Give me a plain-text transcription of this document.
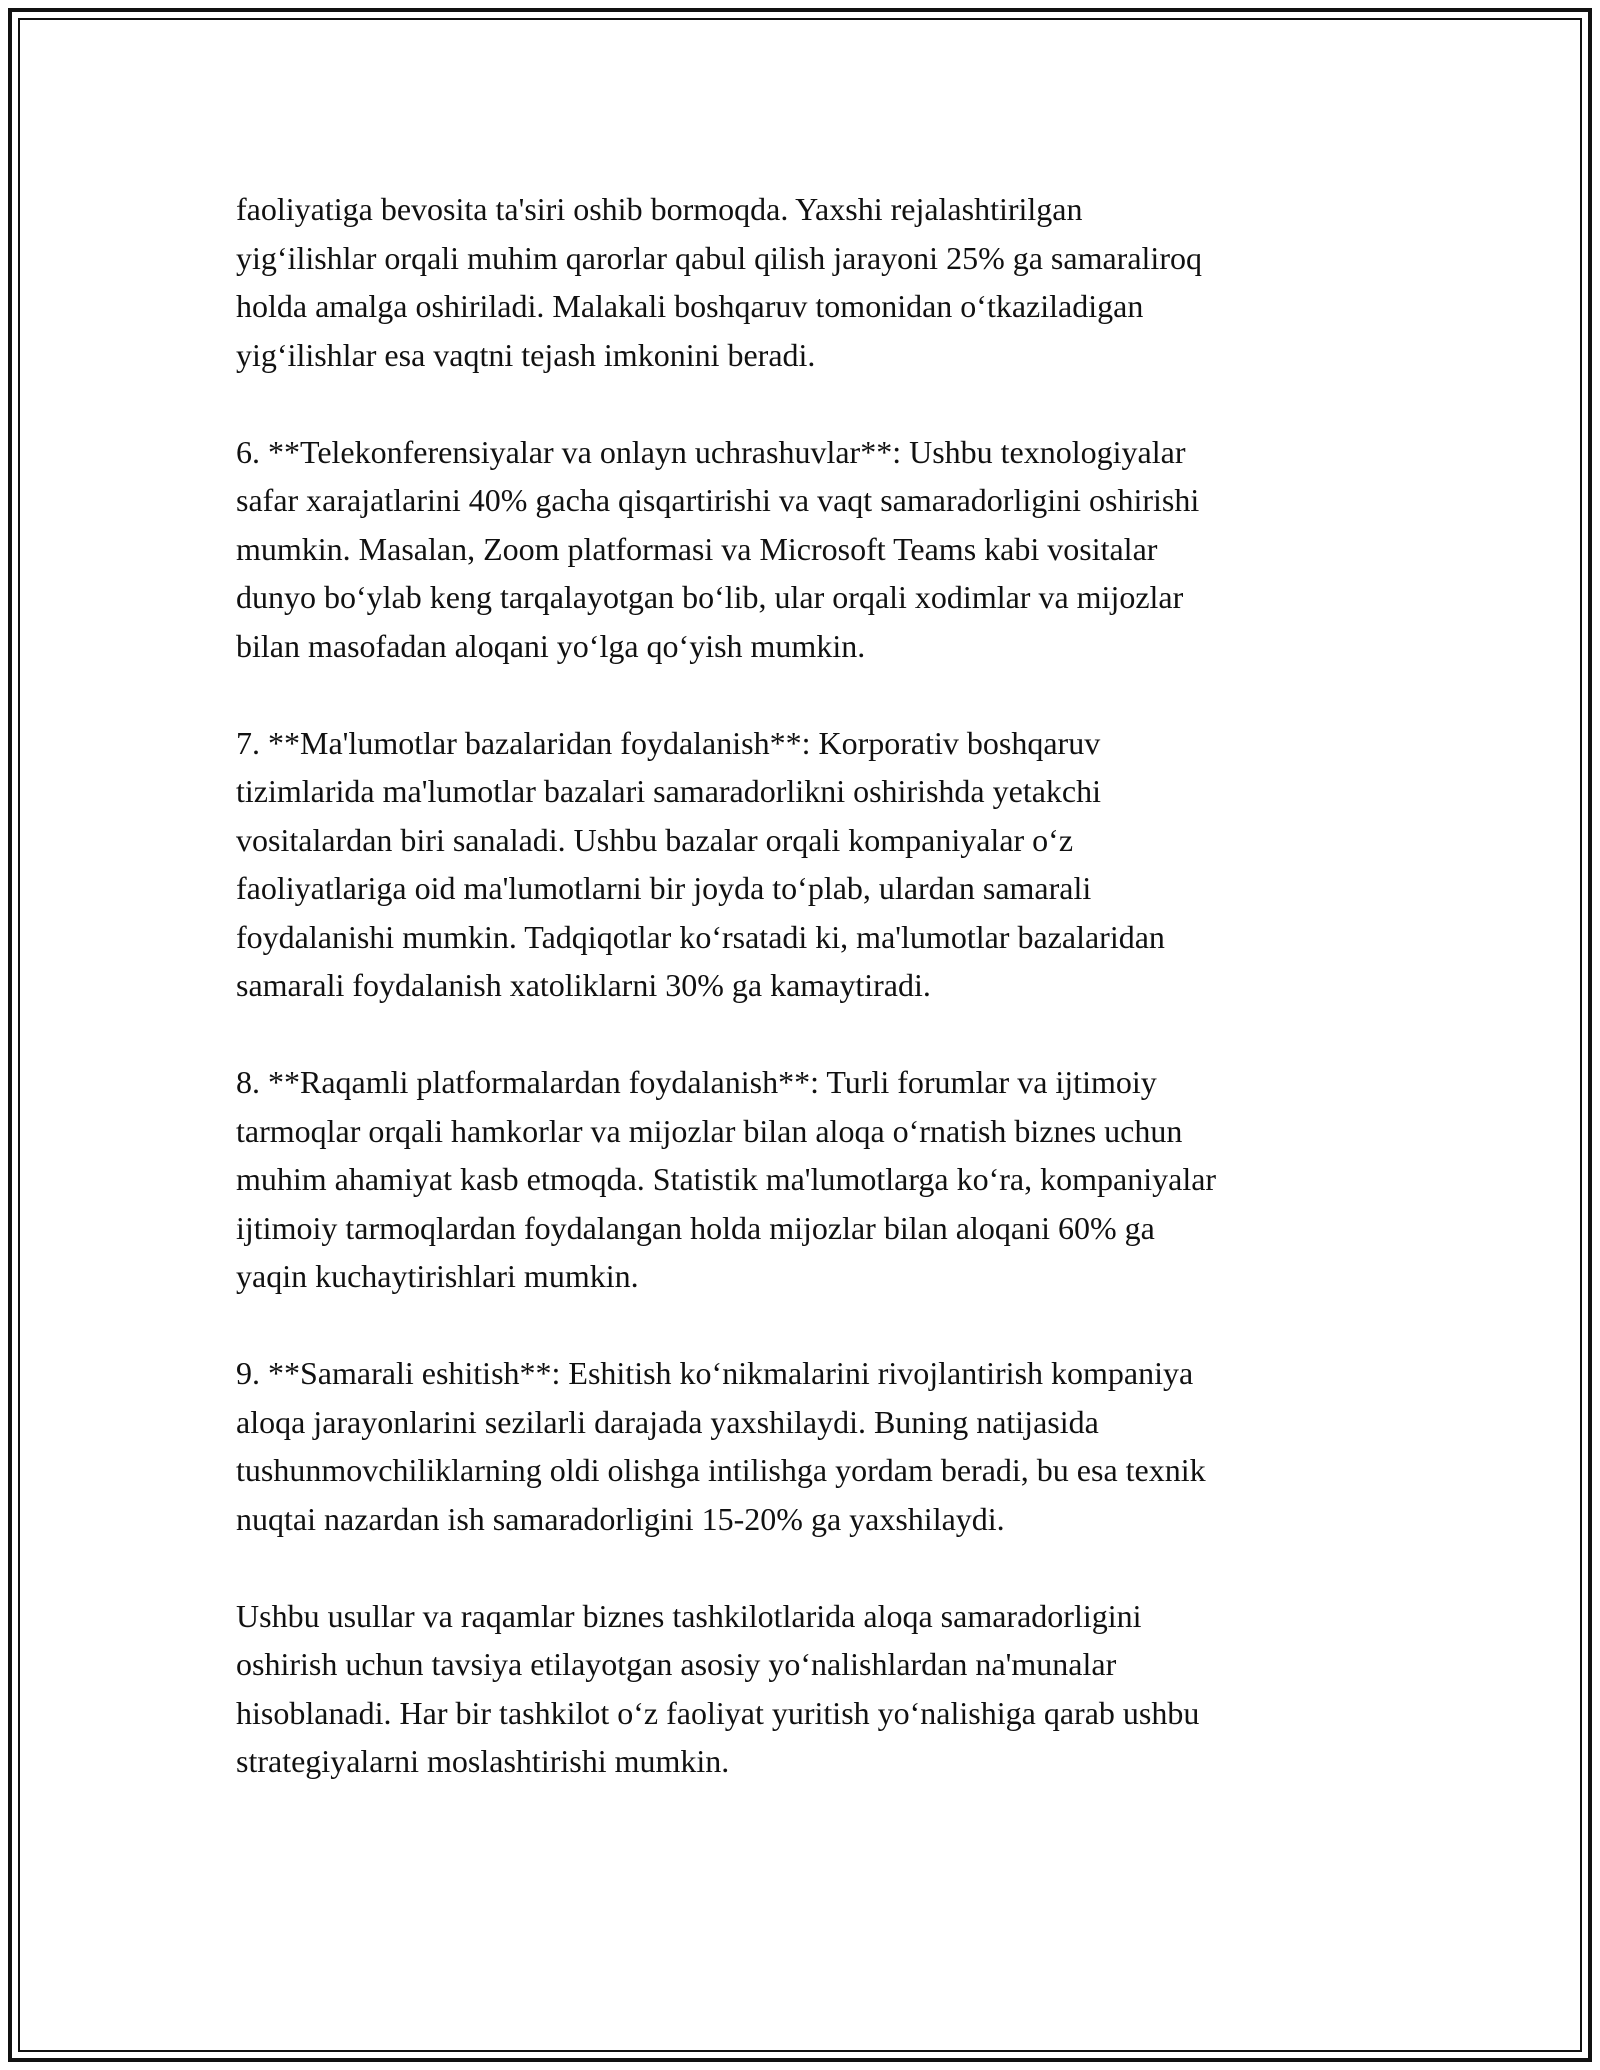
faoliyatiga bevosita ta'siri oshib bormoqda. Yaxshi rejalashtirilgan
yig‘ilishlar orqali muhim qarorlar qabul qilish jarayoni 25% ga samaraliroq
holda amalga oshiriladi. Malakali boshqaruv tomonidan o‘tkaziladigan
yig‘ilishlar esa vaqtni tejash imkonini beradi.

6. **Telekonferensiyalar va onlayn uchrashuvlar**: Ushbu texnologiyalar
safar xarajatlarini 40% gacha qisqartirishi va vaqt samaradorligini oshirishi
mumkin. Masalan, Zoom platformasi va Microsoft Teams kabi vositalar
dunyo bo‘ylab keng tarqalayotgan bo‘lib, ular orqali xodimlar va mijozlar
bilan masofadan aloqani yo‘lga qo‘yish mumkin.

7. **Ma'lumotlar bazalaridan foydalanish**: Korporativ boshqaruv
tizimlarida ma'lumotlar bazalari samaradorlikni oshirishda yetakchi
vositalardan biri sanaladi. Ushbu bazalar orqali kompaniyalar o‘z
faoliyatlariga oid ma'lumotlarni bir joyda to‘plab, ulardan samarali
foydalanishi mumkin. Tadqiqotlar ko‘rsatadi ki, ma'lumotlar bazalaridan
samarali foydalanish xatoliklarni 30% ga kamaytiradi.

8. **Raqamli platformalardan foydalanish**: Turli forumlar va ijtimoiy
tarmoqlar orqali hamkorlar va mijozlar bilan aloqa o‘rnatish biznes uchun
muhim ahamiyat kasb etmoqda. Statistik ma'lumotlarga ko‘ra, kompaniyalar
ijtimoiy tarmoqlardan foydalangan holda mijozlar bilan aloqani 60% ga
yaqin kuchaytirishlari mumkin.

9. **Samarali eshitish**: Eshitish ko‘nikmalarini rivojlantirish kompaniya
aloqa jarayonlarini sezilarli darajada yaxshilaydi. Buning natijasida
tushunmovchiliklarning oldi olishga intilishga yordam beradi, bu esa texnik
nuqtai nazardan ish samaradorligini 15-20% ga yaxshilaydi.

Ushbu usullar va raqamlar biznes tashkilotlarida aloqa samaradorligini
oshirish uchun tavsiya etilayotgan asosiy yo‘nalishlardan na'munalar
hisoblanadi. Har bir tashkilot o‘z faoliyat yuritish yo‘nalishiga qarab ushbu
strategiyalarni moslashtirishi mumkin.
